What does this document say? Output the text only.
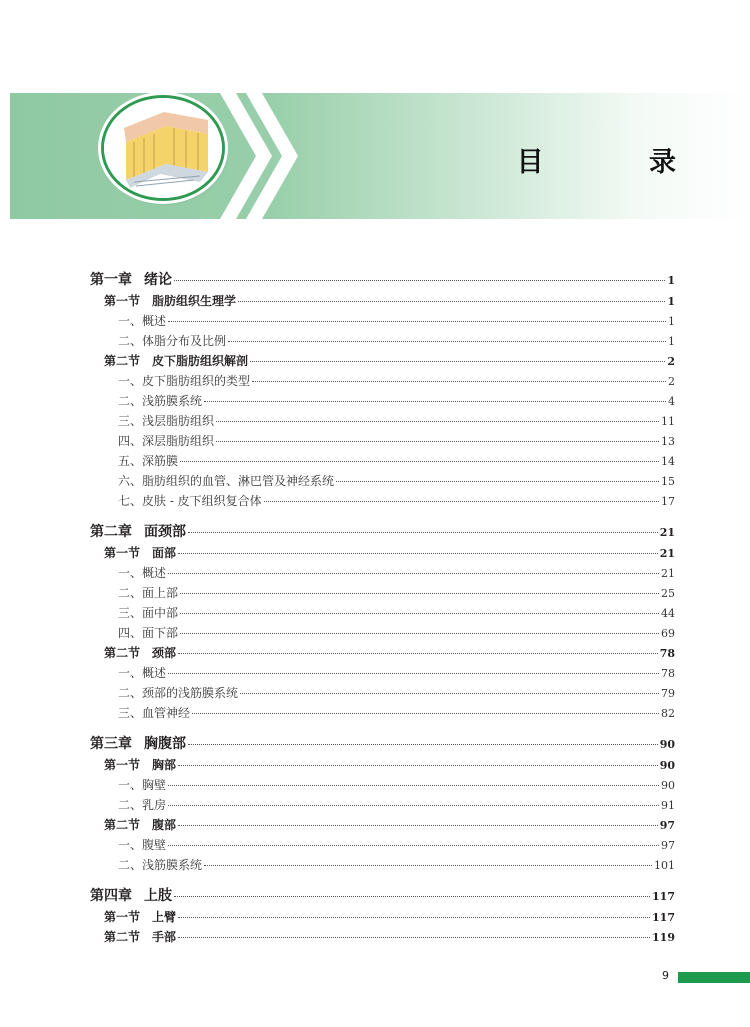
目 录
第一章 绪论	1
第一节 脂肪组织生理学	1
一、概述	1
二、体脂分布及比例	1
第二节 皮下脂肪组织解剖	2
一、皮下脂肪组织的类型	2
二、浅筋膜系统	4
三、浅层脂肪组织	11
四、深层脂肪组织	13
五、深筋膜	14
六、脂肪组织的血管、淋巴管及神经系统	15
七、皮肤 - 皮下组织复合体	17
第二章 面颈部	21
第一节 面部	21
一、概述	21
二、面上部	25
三、面中部	44
四、面下部	69
第二节 颈部	78
一、概述	78
二、颈部的浅筋膜系统	79
三、血管神经	82
第三章 胸腹部	90
第一节 胸部	90
一、胸壁	90
二、乳房	91
第二节 腹部	97
一、腹壁	97
二、浅筋膜系统	101
第四章 上肢	117
第一节 上臂	117
第二节 手部	119
9
